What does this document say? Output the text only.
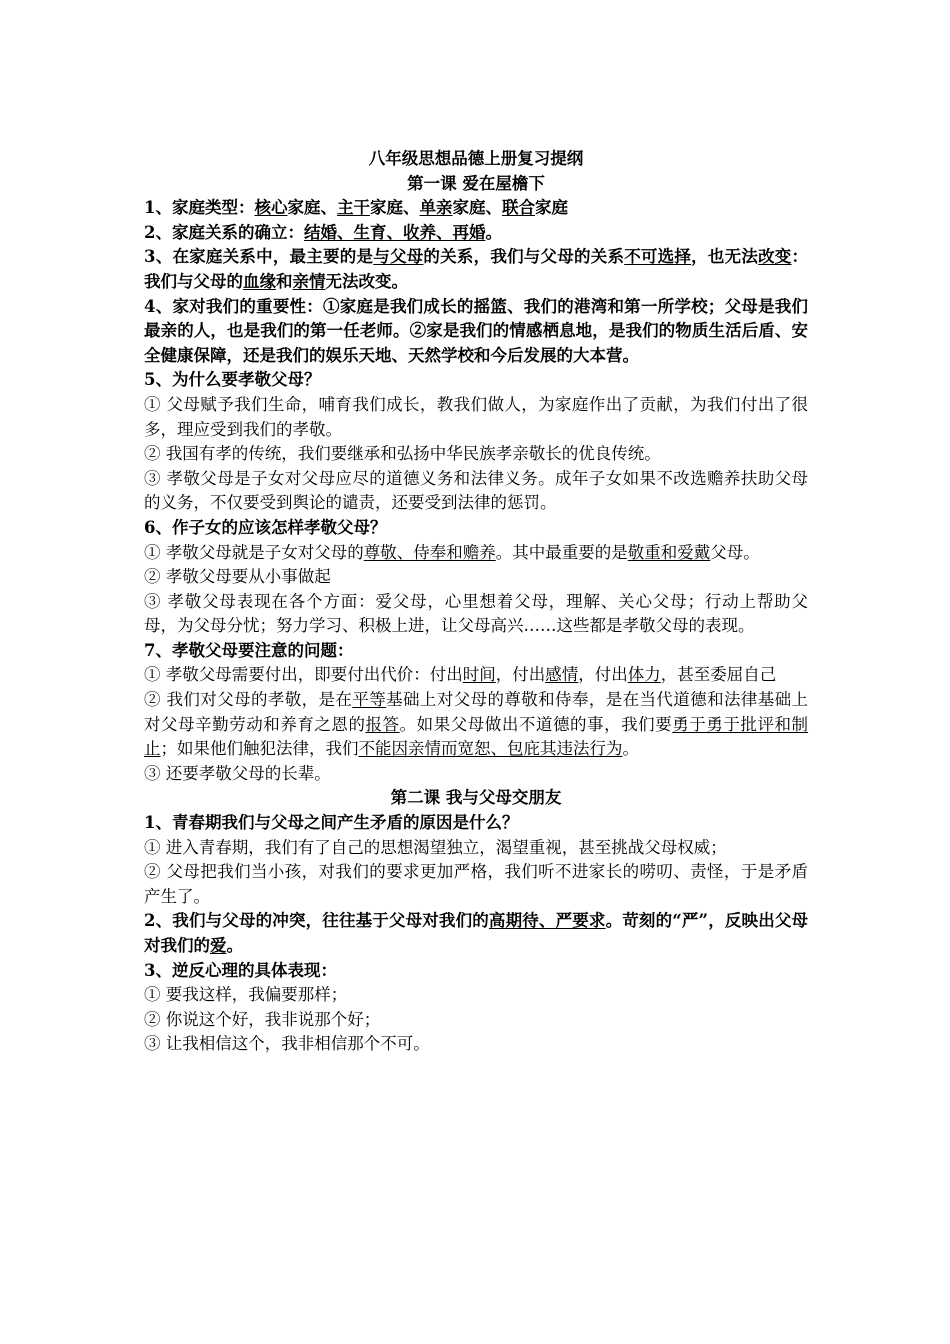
八年级思想品德上册复习提纲
第一课 爱在屋檐下
1、家庭类型：核心家庭、主干家庭、单亲家庭、联合家庭
2、家庭关系的确立：结婚、生育、收养、再婚。
3、在家庭关系中，最主要的是与父母的关系，我们与父母的关系不可选择，也无法改变：我们与父母的血缘和亲情无法改变。
4、家对我们的重要性：①家庭是我们成长的摇篮、我们的港湾和第一所学校；父母是我们最亲的人，也是我们的第一任老师。②家是我们的情感栖息地，是我们的物质生活后盾、安全健康保障，还是我们的娱乐天地、天然学校和今后发展的大本营。
5、为什么要孝敬父母？
① 父母赋予我们生命，哺育我们成长，教我们做人，为家庭作出了贡献，为我们付出了很多，理应受到我们的孝敬。
② 我国有孝的传统，我们要继承和弘扬中华民族孝亲敬长的优良传统。
③ 孝敬父母是子女对父母应尽的道德义务和法律义务。成年子女如果不改选赡养扶助父母的义务，不仅要受到舆论的谴责，还要受到法律的惩罚。
6、作子女的应该怎样孝敬父母？
① 孝敬父母就是子女对父母的尊敬、侍奉和赡养。其中最重要的是敬重和爱戴父母。
② 孝敬父母要从小事做起
③ 孝敬父母表现在各个方面：爱父母，心里想着父母，理解、关心父母；行动上帮助父母，为父母分忧；努力学习、积极上进，让父母高兴……这些都是孝敬父母的表现。
7、孝敬父母要注意的问题：
① 孝敬父母需要付出，即要付出代价：付出时间，付出感情，付出体力，甚至委屈自己
② 我们对父母的孝敬，是在平等基础上对父母的尊敬和侍奉，是在当代道德和法律基础上对父母辛勤劳动和养育之恩的报答。如果父母做出不道德的事，我们要勇于勇于批评和制止；如果他们触犯法律，我们不能因亲情而宽恕、包庇其违法行为。
③ 还要孝敬父母的长辈。
第二课 我与父母交朋友
1、青春期我们与父母之间产生矛盾的原因是什么？
① 进入青春期，我们有了自己的思想渴望独立，渴望重视，甚至挑战父母权威；
② 父母把我们当小孩，对我们的要求更加严格，我们听不进家长的唠叨、责怪，于是矛盾产生了。
2、我们与父母的冲突，往往基于父母对我们的高期待、严要求。苛刻的“严”，反映出父母对我们的爱。
3、逆反心理的具体表现：
① 要我这样，我偏要那样；
② 你说这个好，我非说那个好；
③ 让我相信这个，我非相信那个不可。
